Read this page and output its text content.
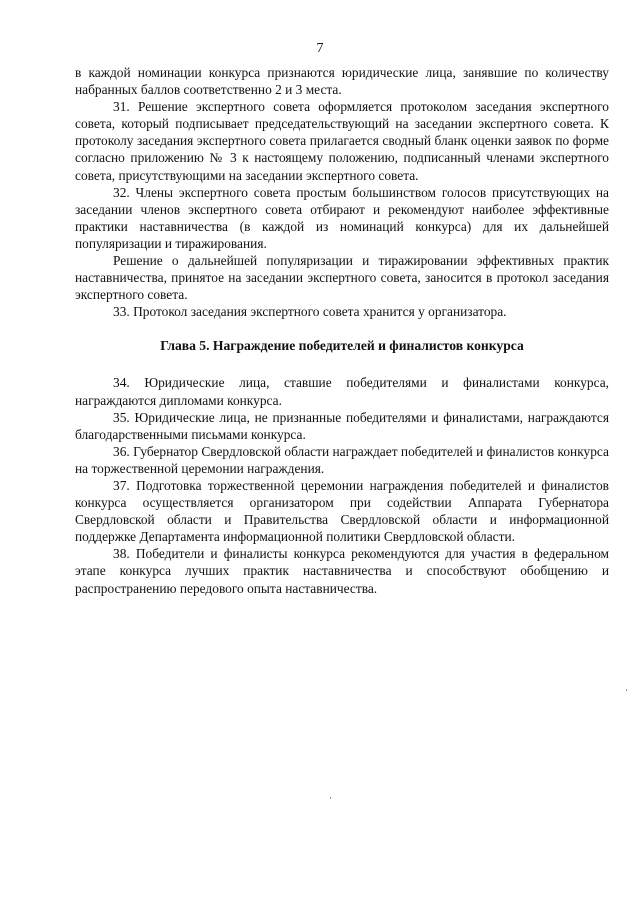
7

в каждой номинации конкурса признаются юридические лица, занявшие по количеству набранных баллов соответственно 2 и 3 места.

31. Решение экспертного совета оформляется протоколом заседания экспертного совета, который подписывает председательствующий на заседании экспертного совета. К протоколу заседания экспертного совета прилагается сводный бланк оценки заявок по форме согласно приложению № 3 к настоящему положению, подписанный членами экспертного совета, присутствующими на заседании экспертного совета.

32. Члены экспертного совета простым большинством голосов присутствующих на заседании членов экспертного совета отбирают и рекомендуют наиболее эффективные практики наставничества (в каждой из номинаций конкурса) для их дальнейшей популяризации и тиражирования.

Решение о дальнейшей популяризации и тиражировании эффективных практик наставничества, принятое на заседании экспертного совета, заносится в протокол заседания экспертного совета.

33. Протокол заседания экспертного совета хранится у организатора.

Глава 5. Награждение победителей и финалистов конкурса

34. Юридические лица, ставшие победителями и финалистами конкурса, награждаются дипломами конкурса.

35. Юридические лица, не признанные победителями и финалистами, награждаются благодарственными письмами конкурса.

36. Губернатор Свердловской области награждает победителей и финалистов конкурса на торжественной церемонии награждения.

37. Подготовка торжественной церемонии награждения победителей и финалистов конкурса осуществляется организатором при содействии Аппарата Губернатора Свердловской области и Правительства Свердловской области и информационной поддержке Департамента информационной политики Свердловской области.

38. Победители и финалисты конкурса рекомендуются для участия в федеральном этапе конкурса лучших практик наставничества и способствуют обобщению и распространению передового опыта наставничества.
